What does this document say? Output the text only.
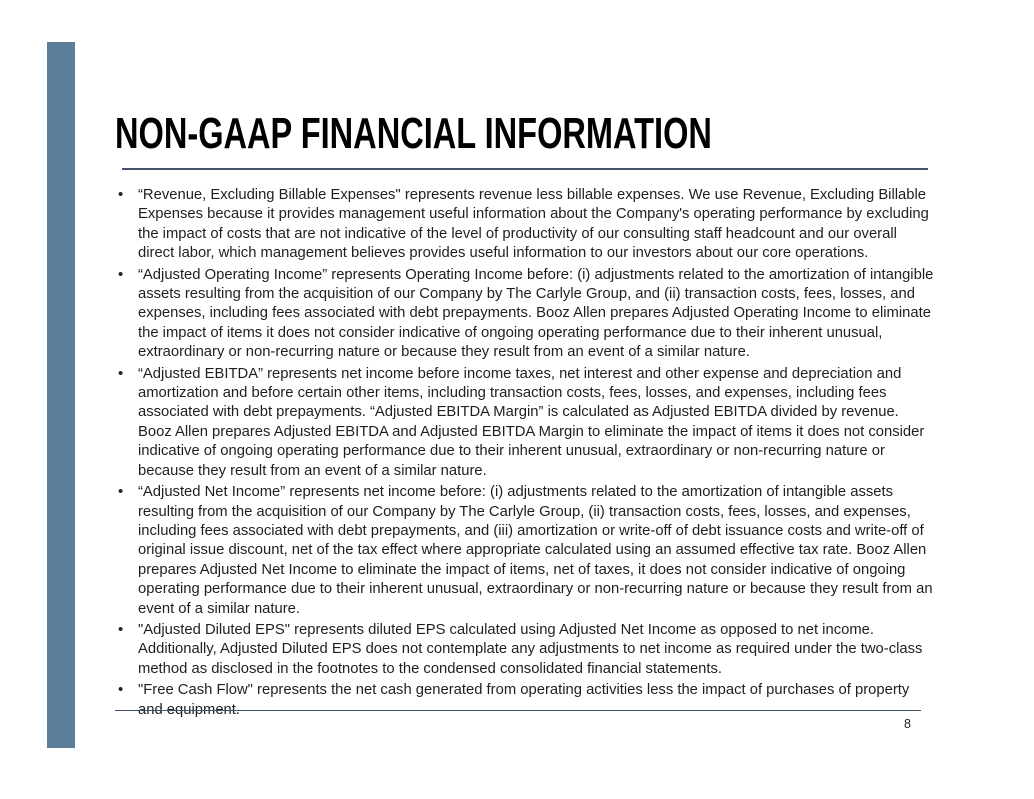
NON-GAAP FINANCIAL INFORMATION
• “Revenue, Excluding Billable Expenses" represents revenue less billable expenses. We use Revenue, Excluding Billable Expenses because it provides management useful information about the Company's operating performance by excluding the impact of costs that are not indicative of the level of productivity of our consulting staff headcount and our overall direct labor, which management believes provides useful information to our investors about our core operations.
• “Adjusted Operating Income” represents Operating Income before: (i) adjustments related to the amortization of intangible assets resulting from the acquisition of our Company by The Carlyle Group, and (ii) transaction costs, fees, losses, and expenses, including fees associated with debt prepayments. Booz Allen prepares Adjusted Operating Income to eliminate the impact of items it does not consider indicative of ongoing operating performance due to their inherent unusual, extraordinary or non-recurring nature or because they result from an event of a similar nature.
• “Adjusted EBITDA” represents net income before income taxes, net interest and other expense and depreciation and amortization and before certain other items, including transaction costs, fees, losses, and expenses, including fees associated with debt prepayments. “Adjusted EBITDA Margin” is calculated as Adjusted EBITDA divided by revenue. Booz Allen prepares Adjusted EBITDA and Adjusted EBITDA Margin to eliminate the impact of items it does not consider indicative of ongoing operating performance due to their inherent unusual, extraordinary or non-recurring nature or because they result from an event of a similar nature.
• “Adjusted Net Income” represents net income before: (i) adjustments related to the amortization of intangible assets resulting from the acquisition of our Company by The Carlyle Group, (ii) transaction costs, fees, losses, and expenses, including fees associated with debt prepayments, and (iii) amortization or write-off of debt issuance costs and write-off of original issue discount, net of the tax effect where appropriate calculated using an assumed effective tax rate. Booz Allen prepares Adjusted Net Income to eliminate the impact of items, net of taxes, it does not consider indicative of ongoing operating performance due to their inherent unusual, extraordinary or non-recurring nature or because they result from an event of a similar nature.
• "Adjusted Diluted EPS" represents diluted EPS calculated using Adjusted Net Income as opposed to net income. Additionally, Adjusted Diluted EPS does not contemplate any adjustments to net income as required under the two-class method as disclosed in the footnotes to the condensed consolidated financial statements.
• "Free Cash Flow" represents the net cash generated from operating activities less the impact of purchases of property and equipment.
8
